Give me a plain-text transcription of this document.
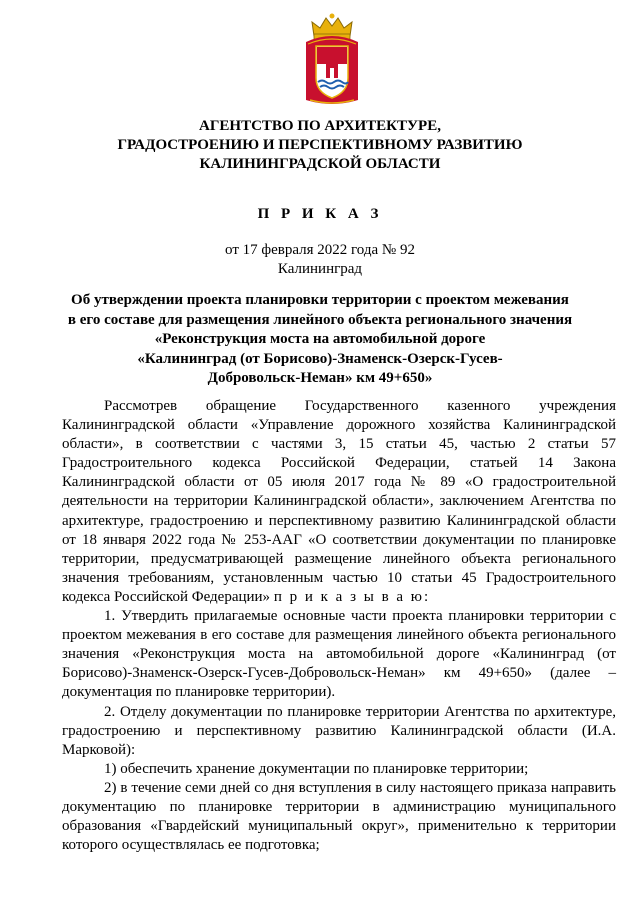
АГЕНТСТВО ПО АРХИТЕКТУРЕ,
ГРАДОСТРОЕНИЮ И ПЕРСПЕКТИВНОМУ РАЗВИТИЮ
КАЛИНИНГРАДСКОЙ ОБЛАСТИ
П Р И К А З
от 17 февраля 2022 года № 92
Калининград
Об утверждении проекта планировки территории с проектом межевания
в его составе для размещения линейного объекта регионального значения
«Реконструкция моста на автомобильной дороге
«Калининград (от Борисово)-Знаменск-Озерск-Гусев-
Добровольск-Неман» км 49+650»

Рассмотрев обращение Государственного казенного учреждения Калининградской области «Управление дорожного хозяйства Калининградской области», в соответствии с частями 3, 15 статьи 45, частью 2 статьи 57 Градостроительного кодекса Российской Федерации, статьей 14 Закона Калининградской области от 05 июля 2017 года № 89 «О градостроительной деятельности на территории Калининградской области», заключением Агентства по архитектуре, градостроению и перспективному развитию Калининградской области от 18 января 2022 года № 253-ААГ «О соответствии документации по планировке территории, предусматривающей размещение линейного объекта регионального значения требованиям, установленным частью 10 статьи 45 Градостроительного кодекса Российской Федерации» п р и к а з ы в а ю:

1. Утвердить прилагаемые основные части проекта планировки территории с проектом межевания в его составе для размещения линейного объекта регионального значения «Реконструкция моста на автомобильной дороге «Калининград (от Борисово)-Знаменск-Озерск-Гусев-Добровольск-Неман» км 49+650» (далее – документация по планировке территории).

2. Отделу документации по планировке территории Агентства по архитектуре, градостроению и перспективному развитию Калининградской области (И.А. Марковой):

1) обеспечить хранение документации по планировке территории;

2) в течение семи дней со дня вступления в силу настоящего приказа направить документацию по планировке территории в администрацию муниципального образования «Гвардейский муниципальный округ», применительно к территории которого осуществлялась ее подготовка;
